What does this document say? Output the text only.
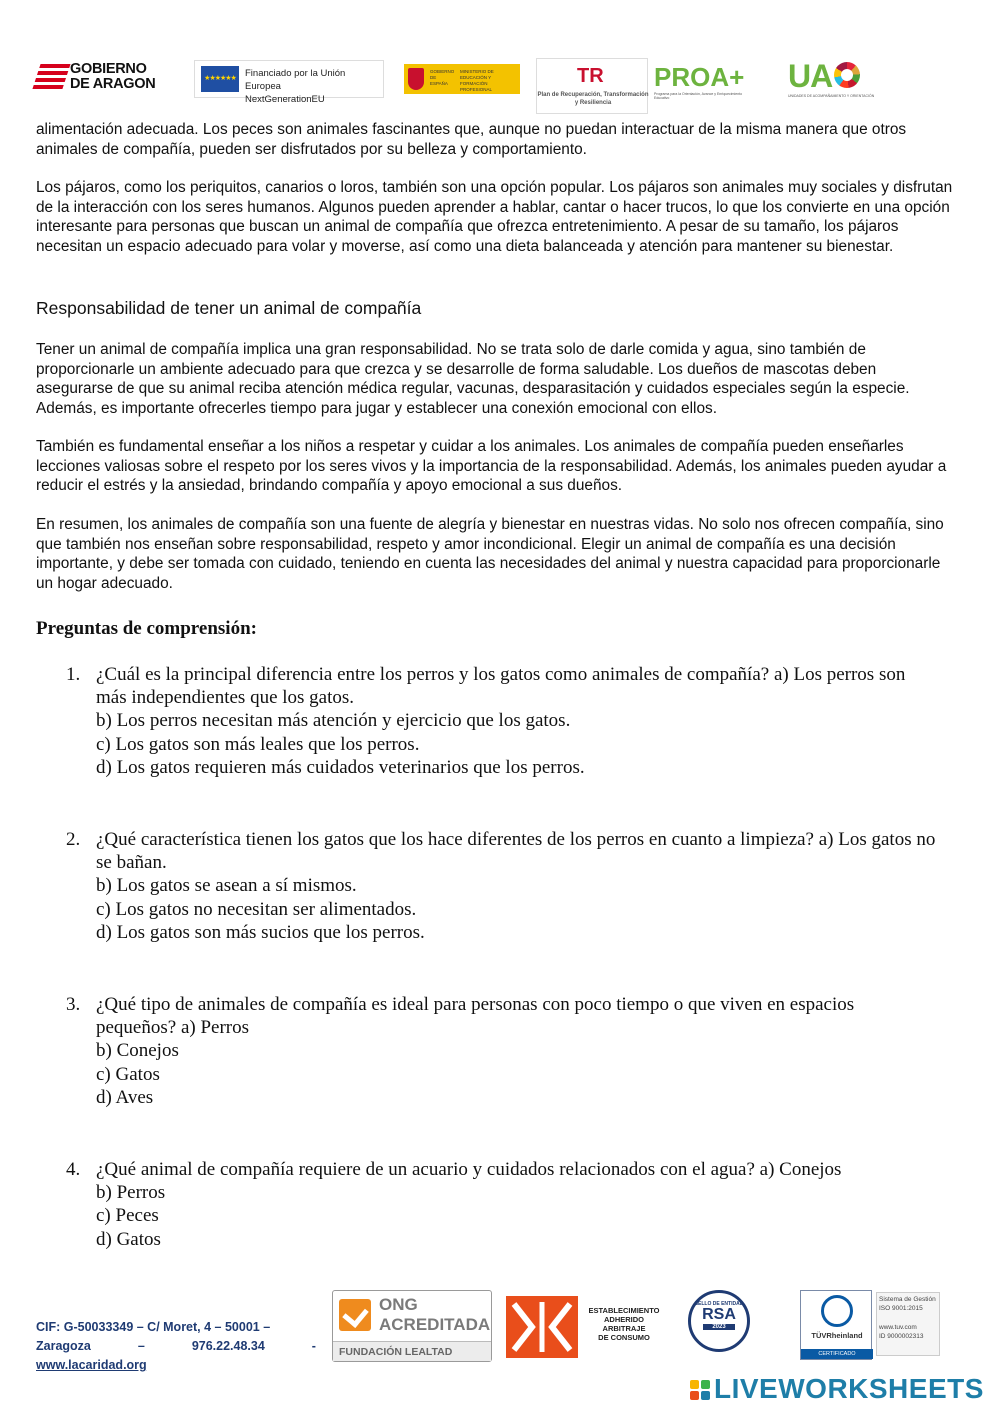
GOBIERNO
DE ARAGON	★★★★★★ Financiado por la Unión Europea
NextGenerationEU
GOBIERNO DE ESPAÑA
MINISTERIO DE EDUCACIÓN Y FORMACIÓN PROFESIONAL
TR
Plan de Recuperación, Transformación y Resiliencia
PROA+
Programa para la Orientación, Avance y Enriquecimiento Educativo
UA
UNIDADES DE ACOMPAÑAMIENTO Y ORIENTACIÓN

alimentación adecuada. Los peces son animales fascinantes que, aunque no puedan interactuar de la misma manera que otros animales de compañía, pueden ser disfrutados por su belleza y comportamiento.

Los pájaros, como los periquitos, canarios o loros, también son una opción popular. Los pájaros son animales muy sociales y disfrutan de la interacción con los seres humanos. Algunos pueden aprender a hablar, cantar o hacer trucos, lo que los convierte en una opción interesante para personas que buscan un animal de compañía que ofrezca entretenimiento. A pesar de su tamaño, los pájaros necesitan un espacio adecuado para volar y moverse, así como una dieta balanceada y atención para mantener su bienestar.

Responsabilidad de tener un animal de compañía

Tener un animal de compañía implica una gran responsabilidad. No se trata solo de darle comida y agua, sino también de proporcionarle un ambiente adecuado para que crezca y se desarrolle de forma saludable. Los dueños de mascotas deben asegurarse de que su animal reciba atención médica regular, vacunas, desparasitación y cuidados especiales según la especie. Además, es importante ofrecerles tiempo para jugar y establecer una conexión emocional con ellos.

También es fundamental enseñar a los niños a respetar y cuidar a los animales. Los animales de compañía pueden enseñarles lecciones valiosas sobre el respeto por los seres vivos y la importancia de la responsabilidad. Además, los animales pueden ayudar a reducir el estrés y la ansiedad, brindando compañía y apoyo emocional a sus dueños.

En resumen, los animales de compañía son una fuente de alegría y bienestar en nuestras vidas. No solo nos ofrecen compañía, sino que también nos enseñan sobre responsabilidad, respeto y amor incondicional. Elegir un animal de compañía es una decisión importante, y debe ser tomada con cuidado, teniendo en cuenta las necesidades del animal y nuestra capacidad para proporcionarle un hogar adecuado.

Preguntas de comprensión:
1. ¿Cuál es la principal diferencia entre los perros y los gatos como animales de compañía? a) Los perros son más independientes que los gatos.
b) Los perros necesitan más atención y ejercicio que los gatos.
c) Los gatos son más leales que los perros.
d) Los gatos requieren más cuidados veterinarios que los perros.
2. ¿Qué característica tienen los gatos que los hace diferentes de los perros en cuanto a limpieza? a) Los gatos no se bañan.
b) Los gatos se asean a sí mismos.
c) Los gatos no necesitan ser alimentados.
d) Los gatos son más sucios que los perros.
3. ¿Qué tipo de animales de compañía es ideal para personas con poco tiempo o que viven en espacios pequeños? a) Perros
b) Conejos
c) Gatos
d) Aves
4. ¿Qué animal de compañía requiere de un acuario y cuidados relacionados con el agua? a) Conejos
b) Perros
c) Peces
d) Gatos
CIF: G-50033349 – C/ Moret, 4 – 50001 –
Zaragoza	–	976.22.48.34	-
www.lacaridad.org
ONG
ACREDITADA
FUNDACIÓN LEALTAD
ESTABLECIMIENTO
ADHERIDO
ARBITRAJE
DE CONSUMO
SELLO DE ENTIDAD
RSA
2023
TÜVRheinland
CERTIFICADO
Sistema de Gestión
ISO 9001:2015
www.tuv.com
ID 9000002313
LIVEWORKSHEETS
